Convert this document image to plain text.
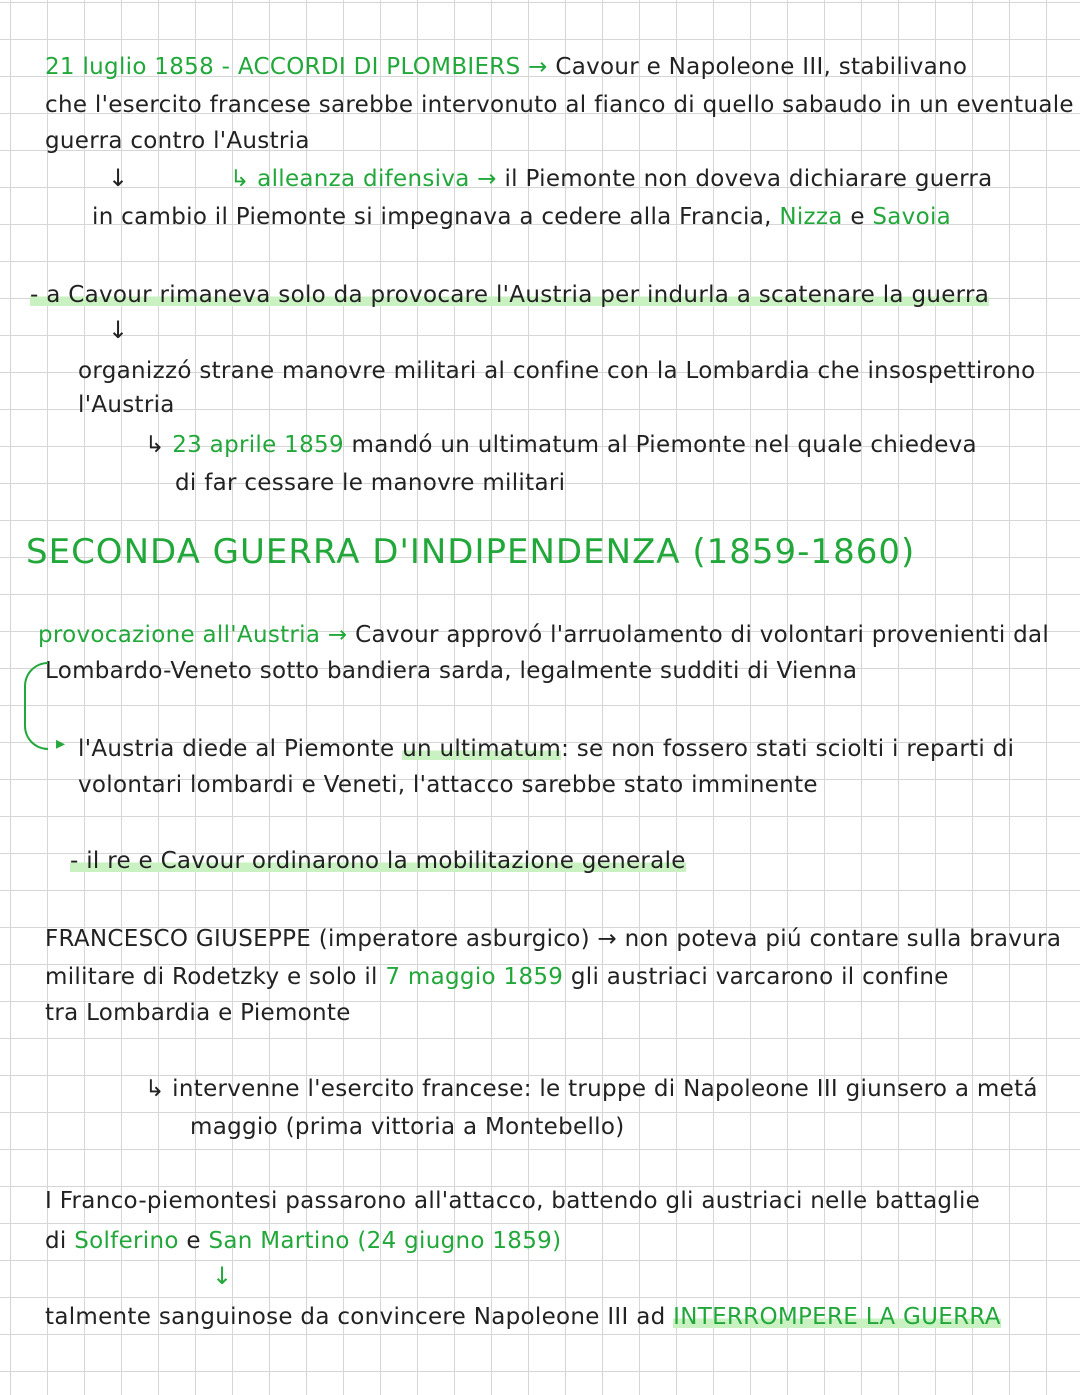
21 luglio 1858 - ACCORDI DI PLOMBIERS → Cavour e Napoleone III, stabilivano
che l'esercito francese sarebbe intervonuto al fianco di quello sabaudo in un eventuale
guerra contro l'Austria
↓	↳ alleanza difensiva → il Piemonte non doveva dichiarare guerra
in cambio il Piemonte si impegnava a cedere alla Francia, Nizza e Savoia
- a Cavour rimaneva solo da provocare l'Austria per indurla a scatenare la guerra
↓
organizzó strane manovre militari al confine con la Lombardia che insospettirono
l'Austria
↳ 23 aprile 1859 mandó un ultimatum al Piemonte nel quale chiedeva
di far cessare le manovre militari
SECONDA GUERRA D'INDIPENDENZA (1859-1860)
provocazione all'Austria → Cavour approvó l'arruolamento di volontari provenienti dal
Lombardo-Veneto sotto bandiera sarda, legalmente sudditi di Vienna
▸ l'Austria diede al Piemonte un ultimatum: se non fossero stati sciolti i reparti di
volontari lombardi e Veneti, l'attacco sarebbe stato imminente
- il re e Cavour ordinarono la mobilitazione generale
FRANCESCO GIUSEPPE (imperatore asburgico) → non poteva piú contare sulla bravura
militare di Rodetzky e solo il 7 maggio 1859 gli austriaci varcarono il confine
tra Lombardia e Piemonte
↳ intervenne l'esercito francese: le truppe di Napoleone III giunsero a metá
maggio (prima vittoria a Montebello)
I Franco-piemontesi passarono all'attacco, battendo gli austriaci nelle battaglie
di Solferino e San Martino (24 giugno 1859)
↓
talmente sanguinose da convincere Napoleone III ad INTERROMPERE LA GUERRA
